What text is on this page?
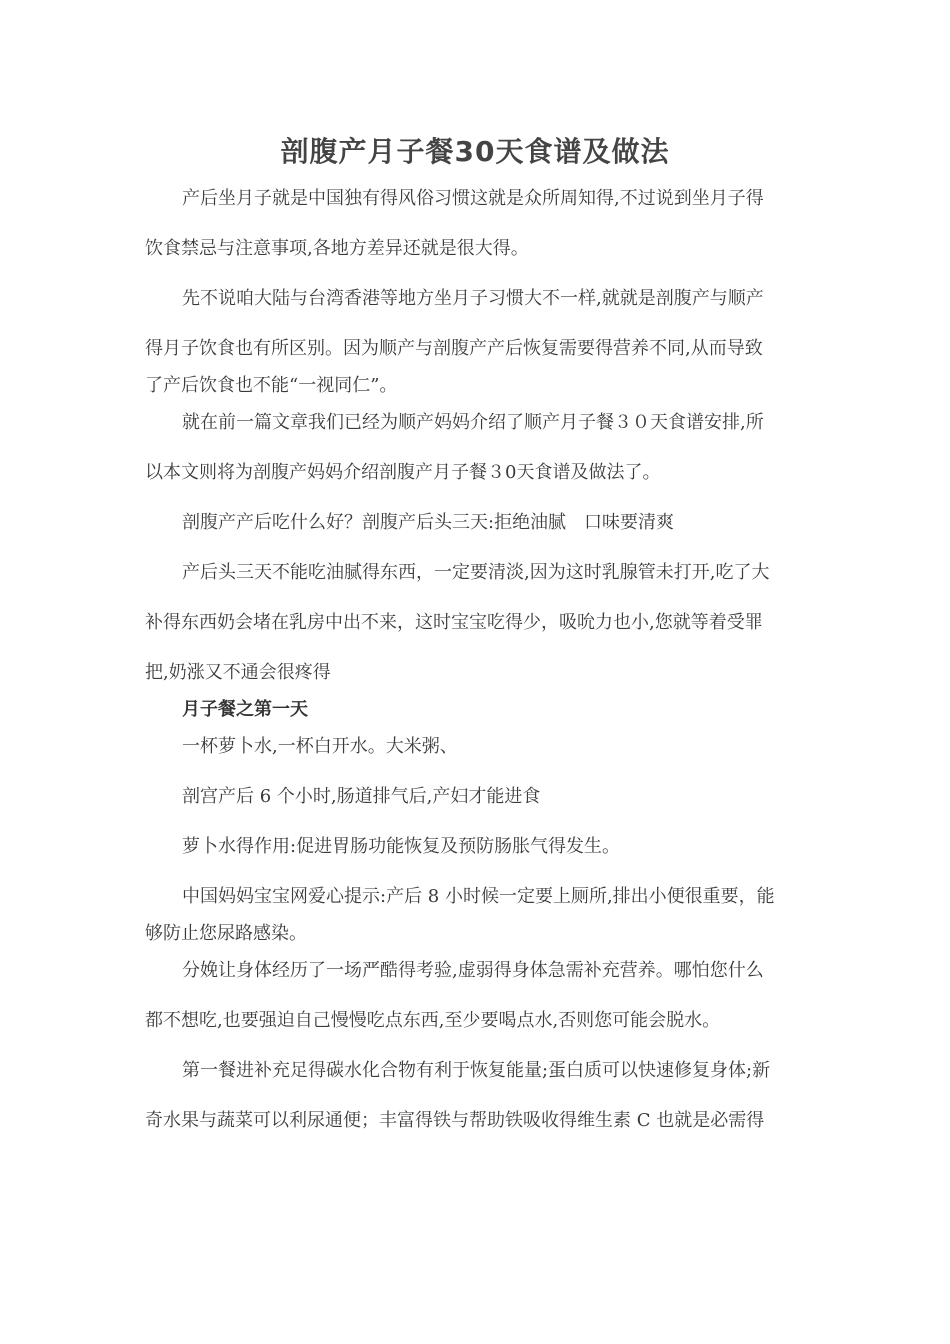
剖腹产月子餐30天食谱及做法

产后坐月子就是中国独有得风俗习惯这就是众所周知得,不过说到坐月子得

饮食禁忌与注意事项,各地方差异还就是很大得。

先不说咱大陆与台湾香港等地方坐月子习惯大不一样,就就是剖腹产与顺产

得月子饮食也有所区别。因为顺产与剖腹产产后恢复需要得营养不同,从而导致

了产后饮食也不能“一视同仁”。

就在前一篇文章我们已经为顺产妈妈介绍了顺产月子餐３０天食谱安排,所

以本文则将为剖腹产妈妈介绍剖腹产月子餐３0天食谱及做法了。

剖腹产产后吃什么好？剖腹产后头三天:拒绝油腻　口味要清爽

产后头三天不能吃油腻得东西，一定要清淡,因为这时乳腺管未打开,吃了大

补得东西奶会堵在乳房中出不来，这时宝宝吃得少，吸吮力也小,您就等着受罪

把,奶涨又不通会很疼得

月子餐之第一天

一杯萝卜水,一杯白开水。大米粥、

剖宫产后 6 个小时,肠道排气后,产妇才能进食

萝卜水得作用:促进胃肠功能恢复及预防肠胀气得发生。

中国妈妈宝宝网爱心提示:产后 8 小时候一定要上厕所,排出小便很重要，能

够防止您尿路感染。

分娩让身体经历了一场严酷得考验,虚弱得身体急需补充营养。哪怕您什么

都不想吃,也要强迫自己慢慢吃点东西,至少要喝点水,否则您可能会脱水。

第一餐进补充足得碳水化合物有利于恢复能量;蛋白质可以快速修复身体;新

奇水果与蔬菜可以利尿通便；丰富得铁与帮助铁吸收得维生素 C 也就是必需得
